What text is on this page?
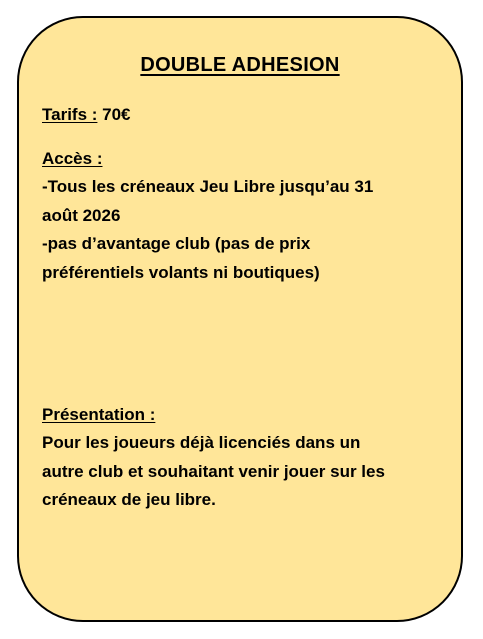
DOUBLE ADHESION
Tarifs : 70€
Accès :
-Tous les créneaux Jeu Libre jusqu’au 31
août 2026
-pas d’avantage club (pas de prix
préférentiels volants ni boutiques)
Présentation :
Pour les joueurs déjà licenciés dans un
autre club et souhaitant venir jouer sur les
créneaux de jeu libre.
